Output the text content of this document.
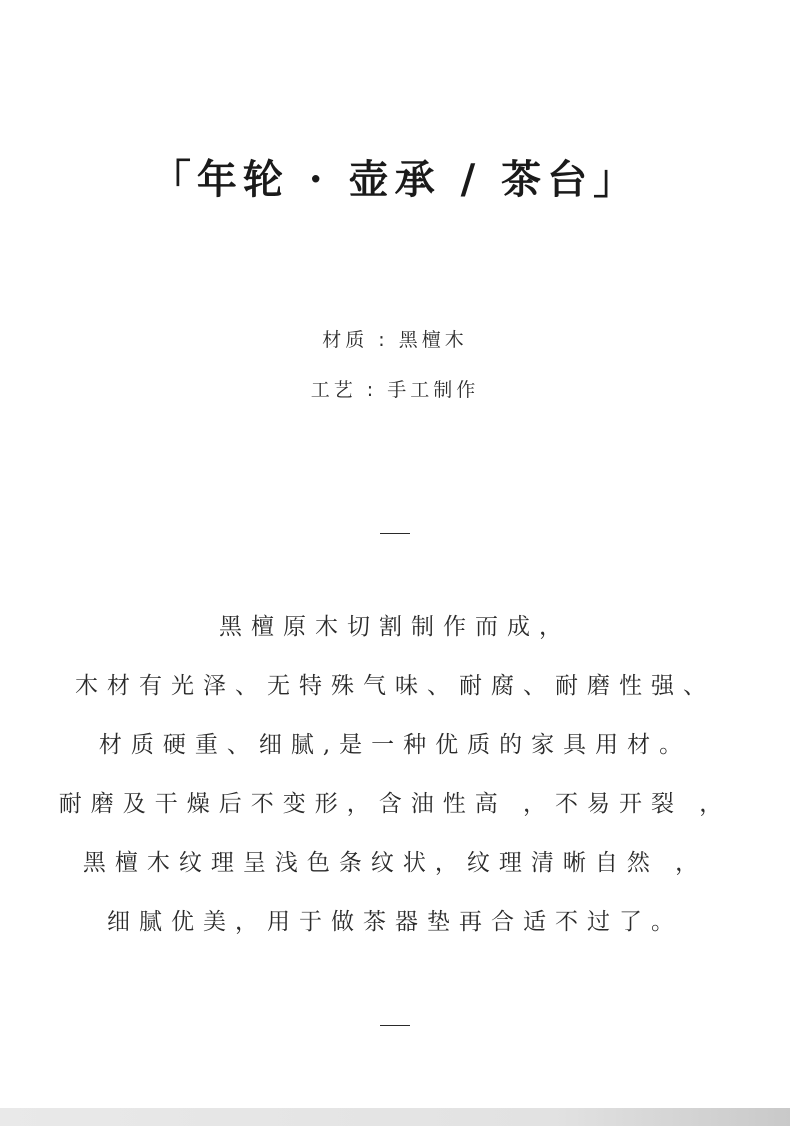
「年轮 · 壶承 / 茶台」
材质 : 黑檀木
工艺 : 手工制作
黑檀原木切割制作而成，
木材有光泽、无特殊气味、耐腐、耐磨性强、
材质硬重、细腻,是一种优质的家具用材。
耐磨及干燥后不变形，含油性高 ，不易开裂 ，
黑檀木纹理呈浅色条纹状，纹理清晰自然 ，
细腻优美，用于做茶器垫再合适不过了。
